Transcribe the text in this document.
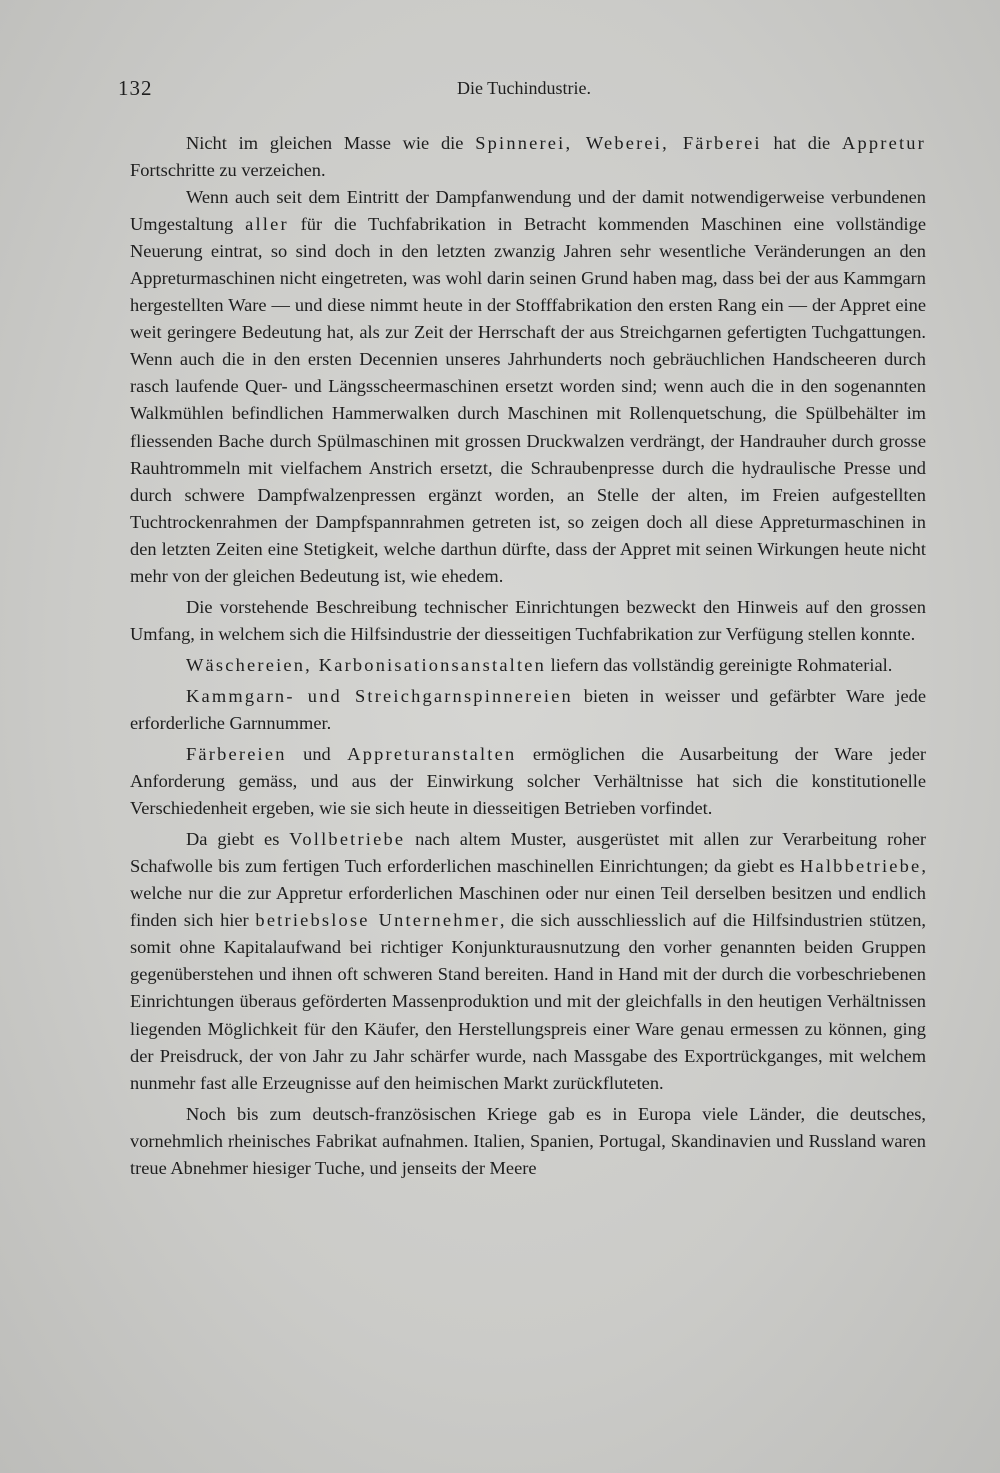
132	Die Tuchindustrie.

Nicht im gleichen Masse wie die Spinnerei, Weberei, Färberei hat die Appretur Fortschritte zu verzeichen.

Wenn auch seit dem Eintritt der Dampfanwendung und der damit notwendigerweise verbundenen Umgestaltung aller für die Tuchfabrikation in Betracht kommenden Maschinen eine vollständige Neuerung eintrat, so sind doch in den letzten zwanzig Jahren sehr wesentliche Veränderungen an den Appreturmaschinen nicht eingetreten, was wohl darin seinen Grund haben mag, dass bei der aus Kammgarn hergestellten Ware — und diese nimmt heute in der Stofffabrikation den ersten Rang ein — der Appret eine weit geringere Bedeutung hat, als zur Zeit der Herrschaft der aus Streichgarnen gefertigten Tuchgattungen. Wenn auch die in den ersten Decennien unseres Jahrhunderts noch gebräuchlichen Handscheeren durch rasch laufende Quer- und Längsscheermaschinen ersetzt worden sind; wenn auch die in den sogenannten Walkmühlen befindlichen Hammerwalken durch Maschinen mit Rollenquetschung, die Spülbehälter im fliessenden Bache durch Spülmaschinen mit grossen Druckwalzen verdrängt, der Handrauher durch grosse Rauhtrommeln mit vielfachem Anstrich ersetzt, die Schraubenpresse durch die hydraulische Presse und durch schwere Dampfwalzenpressen ergänzt worden, an Stelle der alten, im Freien aufgestellten Tuchtrockenrahmen der Dampfspannrahmen getreten ist, so zeigen doch all diese Appreturmaschinen in den letzten Zeiten eine Stetigkeit, welche darthun dürfte, dass der Appret mit seinen Wirkungen heute nicht mehr von der gleichen Bedeutung ist, wie ehedem.

Die vorstehende Beschreibung technischer Einrichtungen bezweckt den Hinweis auf den grossen Umfang, in welchem sich die Hilfsindustrie der diesseitigen Tuchfabrikation zur Verfügung stellen konnte.

Wäschereien, Karbonisationsanstalten liefern das vollständig gereinigte Rohmaterial.

Kammgarn- und Streichgarnspinnereien bieten in weisser und gefärbter Ware jede erforderliche Garnnummer.

Färbereien und Appreturanstalten ermöglichen die Ausarbeitung der Ware jeder Anforderung gemäss, und aus der Einwirkung solcher Verhältnisse hat sich die konstitutionelle Verschiedenheit ergeben, wie sie sich heute in diesseitigen Betrieben vorfindet.

Da giebt es Vollbetriebe nach altem Muster, ausgerüstet mit allen zur Verarbeitung roher Schafwolle bis zum fertigen Tuch erforderlichen maschinellen Einrichtungen; da giebt es Halbbetriebe, welche nur die zur Appretur erforderlichen Maschinen oder nur einen Teil derselben besitzen und endlich finden sich hier betriebslose Unternehmer, die sich ausschliesslich auf die Hilfsindustrien stützen, somit ohne Kapitalaufwand bei richtiger Konjunkturausnutzung den vorher genannten beiden Gruppen gegenüberstehen und ihnen oft schweren Stand bereiten. Hand in Hand mit der durch die vorbeschriebenen Einrichtungen überaus geförderten Massenproduktion und mit der gleichfalls in den heutigen Verhältnissen liegenden Möglichkeit für den Käufer, den Herstellungspreis einer Ware genau ermessen zu können, ging der Preisdruck, der von Jahr zu Jahr schärfer wurde, nach Massgabe des Exportrückganges, mit welchem nunmehr fast alle Erzeugnisse auf den heimischen Markt zurückfluteten.

Noch bis zum deutsch-französischen Kriege gab es in Europa viele Länder, die deutsches, vornehmlich rheinisches Fabrikat aufnahmen. Italien, Spanien, Portugal, Skandinavien und Russland waren treue Abnehmer hiesiger Tuche, und jenseits der Meere
